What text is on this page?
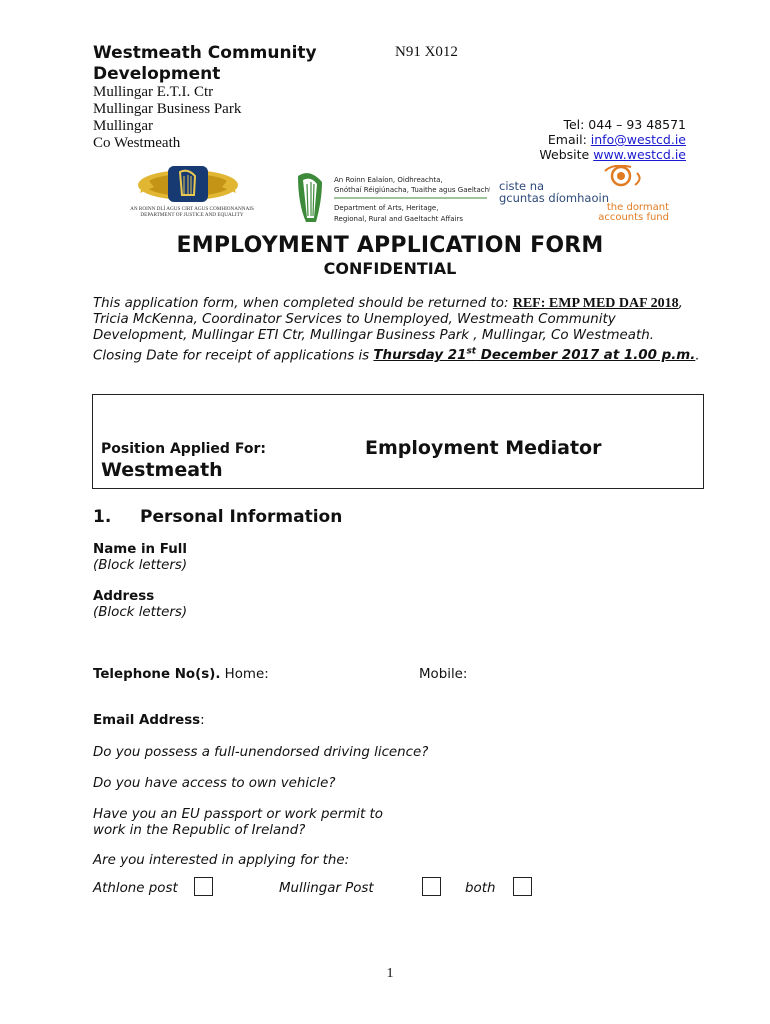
Westmeath Community Development
N91 X012
Mullingar E.T.I. Ctr
Mullingar Business Park
Mullingar
Co Westmeath
Tel: 044 – 93 48571
Email: info@westcd.ie
Website www.westcd.ie
AN ROINN DLÍ AGUS CIRT AGUS COMHIONANNAIS
DEPARTMENT OF JUSTICE AND EQUALITY
An Roinn Ealaíon, Oidhreachta,
Gnóthaí Réigiúnacha, Tuaithe agus Gaeltachta
Department of Arts, Heritage,
Regional, Rural and Gaeltacht Affairs
ciste na
gcuntas díomhaoin
the dormant
accounts fund
EMPLOYMENT APPLICATION FORM
CONFIDENTIAL
This application form, when completed should be returned to: REF: EMP MED DAF 2018, Tricia McKenna, Coordinator Services to Unemployed, Westmeath Community Development, Mullingar ETI Ctr, Mullingar Business Park , Mullingar, Co Westmeath. Closing Date for receipt of applications is Thursday 21st December 2017 at 1.00 p.m..
Position Applied For:	Employment Mediator
Westmeath
1. Personal Information
Name in Full
(Block letters)
Address
(Block letters)
Telephone No(s). Home:	Mobile:
Email Address:
Do you possess a full-unendorsed driving licence?
Do you have access to own vehicle?
Have you an EU passport or work permit to
work in the Republic of Ireland?
Are you interested in applying for the:
Athlone post	Mullingar Post	both
1
